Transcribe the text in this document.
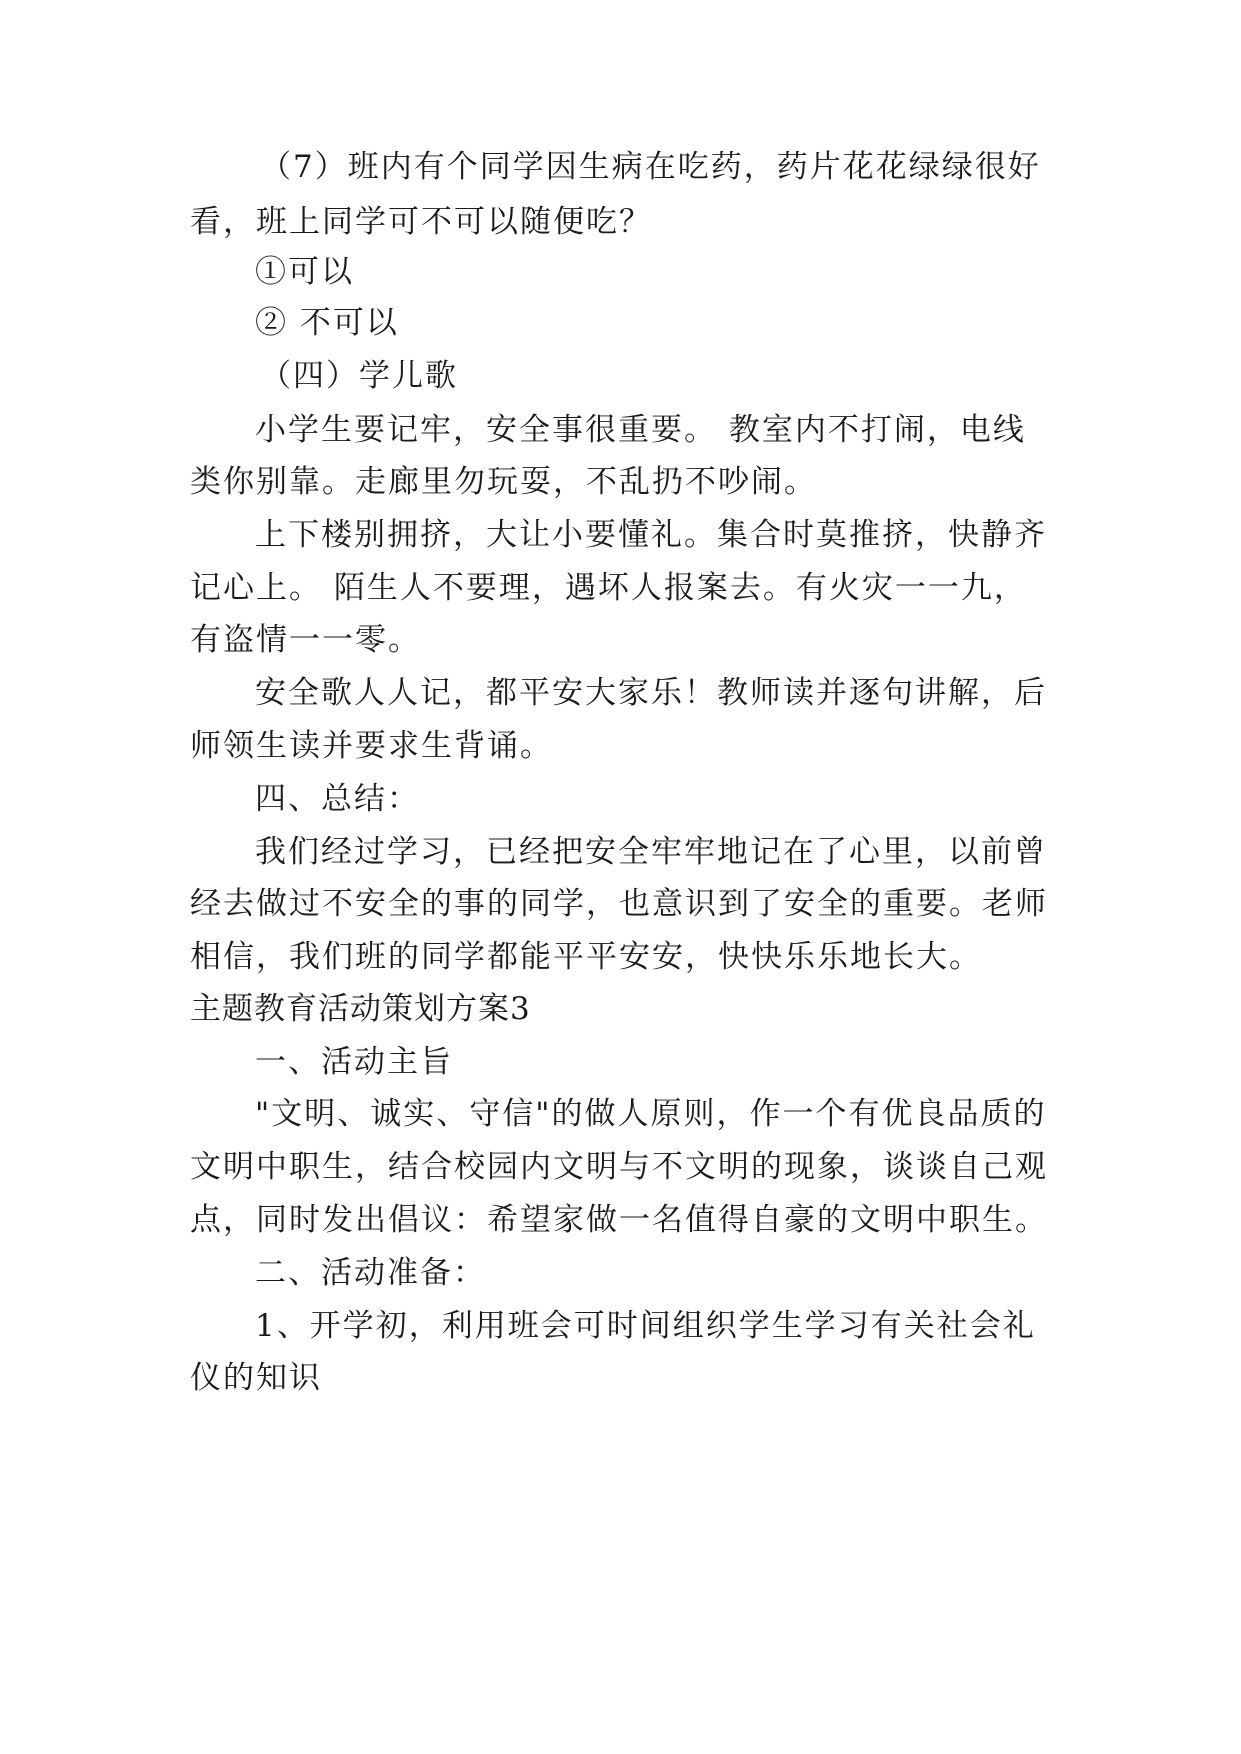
（7）班内有个同学因生病在吃药，药片花花绿绿很好
看，班上同学可不可以随便吃？
①可以
② 不可以
（四）学儿歌
小学生要记牢，安全事很重要。 教室内不打闹，电线
类你别靠。走廊里勿玩耍，不乱扔不吵闹。
上下楼别拥挤，大让小要懂礼。集合时莫推挤，快静齐
记心上。 陌生人不要理，遇坏人报案去。有火灾一一九，
有盗情一一零。
安全歌人人记，都平安大家乐！教师读并逐句讲解，后
师领生读并要求生背诵。
四、总结：
我们经过学习，已经把安全牢牢地记在了心里，以前曾
经去做过不安全的事的同学，也意识到了安全的重要。老师
相信，我们班的同学都能平平安安，快快乐乐地长大。
主题教育活动策划方案3
一、活动主旨
"文明、诚实、守信"的做人原则，作一个有优良品质的
文明中职生，结合校园内文明与不文明的现象，谈谈自己观
点，同时发出倡议：希望家做一名值得自豪的文明中职生。
二、活动准备：
1、开学初，利用班会可时间组织学生学习有关社会礼
仪的知识
